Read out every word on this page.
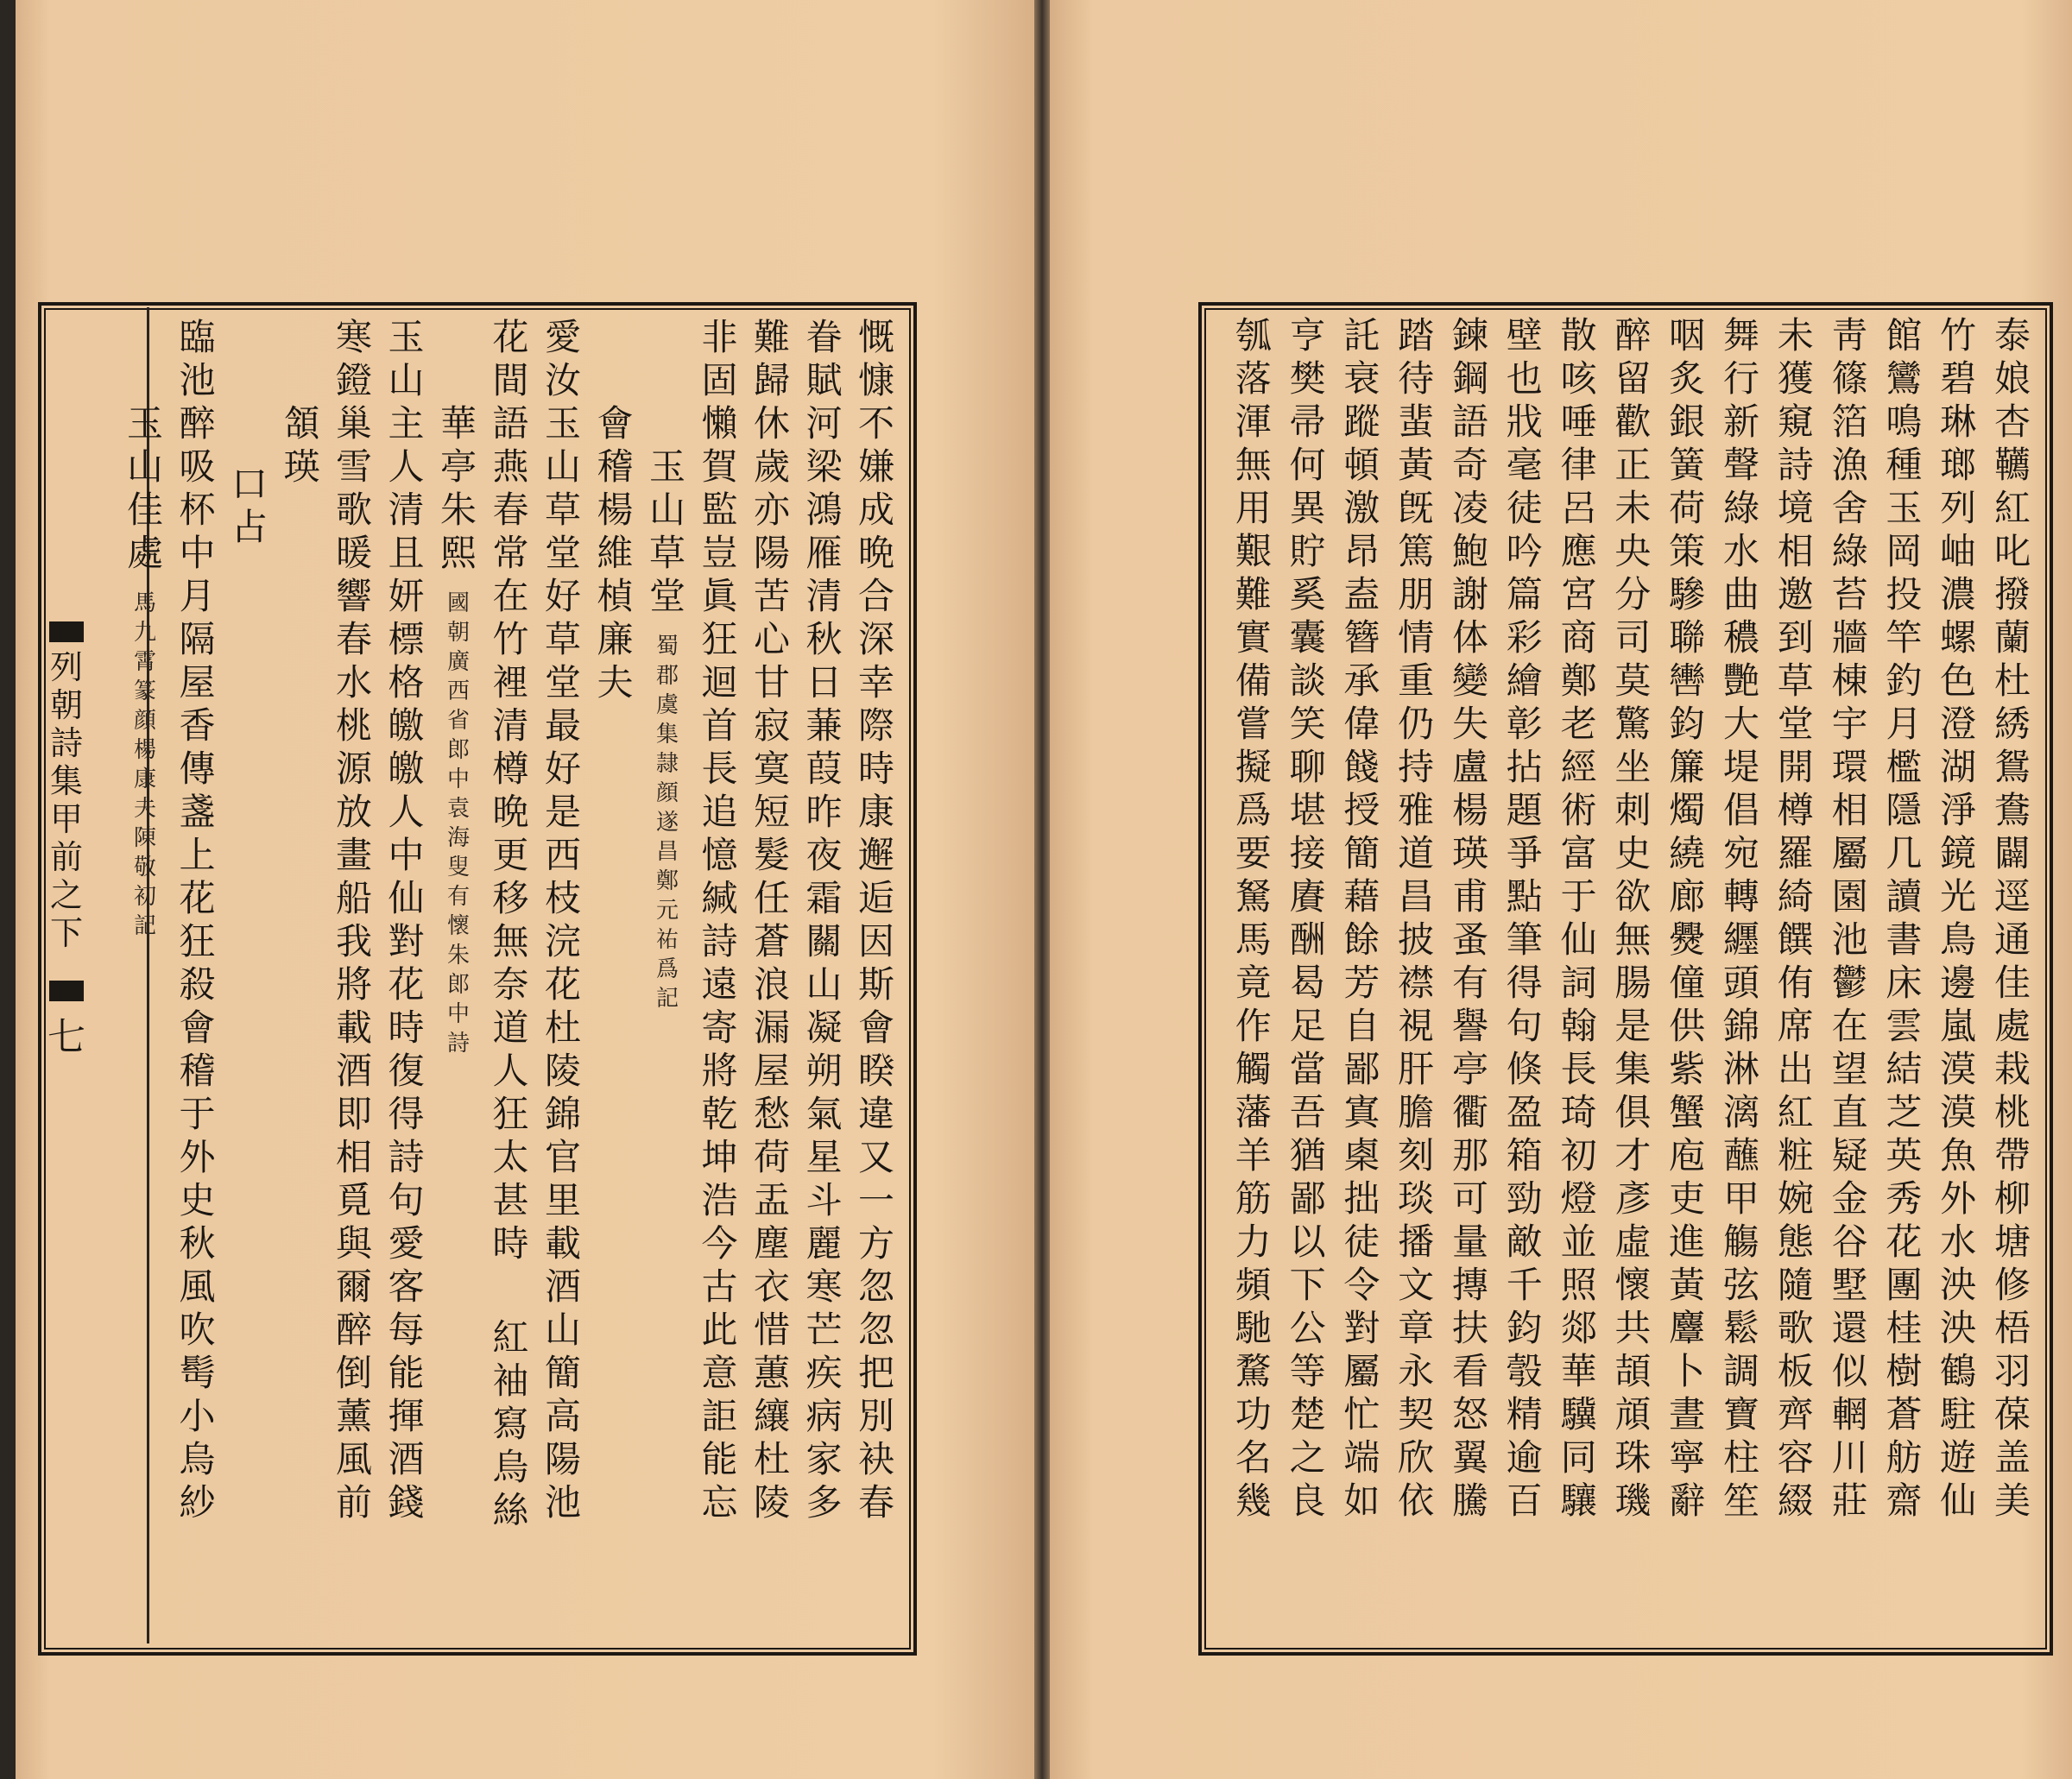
慨
慷
不
嫌
成
晩
合
深
幸
際
時
康
邂
逅
因
斯
會
睽
違
又
一
方
忽
忽
把
別
袂
春
眷
賦
河
梁
鴻
雁
清
秋
日
蒹
葭
昨
夜
霜
關
山
凝
朔
氣
星
斗
麗
寒
芒
疾
病
家
多
難
歸
休
歲
亦
陽
苦
心
甘
寂
寞
短
髮
任
蒼
浪
漏
屋
愁
荷
盂
塵
衣
惜
蕙
纕
杜
陵
非
固
懶
賀
監
豈
眞
狂
迴
首
長
追
憶
緘
詩
遠
寄
將
乾
坤
浩
今
古
此
意
詎
能
忘
玉
山
草
堂
蜀
郡
虞
集
隷
顔
遂
昌
鄭
元
祐
爲
記
會
稽
楊
維
楨
廉
夫
愛
汝
玉
山
草
堂
好
草
堂
最
好
是
西
枝
浣
花
杜
陵
錦
官
里
載
酒
山
簡
高
陽
池
花
間
語
燕
春
常
在
竹
裡
清
樽
晩
更
移
無
奈
道
人
狂
太
甚
時
紅
袖
寫
烏
絲
華
亭
朱
熙
國
朝
廣
西
省
郎
中
袁
海
叟
有
懷
朱
郎
中
詩
玉
山
主
人
清
且
妍
標
格
皦
皦
人
中
仙
對
花
時
復
得
詩
句
愛
客
每
能
揮
酒
錢
寒
鐙
巢
雪
歌
暖
響
春
水
桃
源
放
畫
船
我
將
載
酒
即
相
覓
與
爾
醉
倒
薰
風
前
頷
瑛
口
占
臨
池
醉
吸
杯
中
月
隔
屋
香
傳
盞
上
花
狂
殺
會
稽
于
外
史
秋
風
吹
髩
小
烏
紗
玉
山
佳
處
馬
九
霄
篆
顔
楊
康
夫
陳
敬
初
記
列
朝
詩
集
甲
前
之
下
七
泰
娘
杏
韉
紅
叱
撥
蘭
杜
綉
鴛
鴦
闢
逕
通
佳
處
栽
桃
帶
柳
塘
修
梧
羽
葆
盖
美
竹
碧
琳
瑯
列
岫
濃
螺
色
澄
湖
淨
鏡
光
鳥
邊
嵐
漠
漠
魚
外
水
泱
泱
鶴
駐
遊
仙
館
鸞
鳴
種
玉
岡
投
竿
釣
月
檻
隱
几
讀
書
床
雲
結
芝
英
秀
花
團
桂
樹
蒼
舫
齋
靑
篠
箔
漁
舍
綠
苔
牆
棟
宇
環
相
屬
園
池
鬱
在
望
直
疑
金
谷
墅
還
似
輞
川
莊
未
獲
窺
詩
境
相
邀
到
草
堂
開
樽
羅
綺
饌
侑
席
出
紅
粧
婉
態
隨
歌
板
齊
容
綴
舞
行
新
聲
綠
水
曲
穠
艷
大
堤
倡
宛
轉
纒
頭
錦
淋
漓
蘸
甲
觴
弦
鬆
調
寶
柱
笙
咽
炙
銀
簧
荷
策
驂
聯
轡
鈞
簾
燭
繞
廊
㸑
僮
供
紫
蟹
庖
吏
進
黃
麞
卜
晝
寧
辭
醉
留
歡
正
未
央
分
司
莫
驚
坐
刺
史
欲
無
腸
是
集
俱
才
彥
虛
懷
共
頡
頏
珠
璣
散
咳
唾
律
呂
應
宮
商
鄭
老
經
術
富
于
仙
詞
翰
長
琦
初
燈
並
照
郯
華
驥
同
驤
壁
也
戕
毫
徒
吟
篇
彩
繪
彰
拈
題
爭
點
筆
得
句
倏
盈
箱
勁
敵
千
鈞
彀
精
逾
百
鍊
鋼
語
奇
凌
鮑
謝
体
變
失
盧
楊
瑛
甫
蚤
有
譽
亭
衢
那
可
量
摶
扶
看
怒
翼
騰
踏
待
蜚
黃
旣
篤
朋
情
重
仍
持
雅
道
昌
披
襟
視
肝
膽
刻
琰
播
文
章
永
契
欣
依
託
衰
蹤
頓
激
昂
盍
簪
承
偉
餞
授
簡
藉
餘
芳
自
鄙
寘
㮚
拙
徒
令
對
屬
忙
端
如
亨
樊
帚
何
異
貯
奚
囊
談
笑
聊
堪
接
賡
酬
曷
足
當
吾
猶
鄙
以
下
公
等
楚
之
良
瓠
落
渾
無
用
艱
難
實
備
嘗
擬
爲
要
駑
馬
竟
作
觸
藩
羊
筋
力
頻
馳
騖
功
名
幾
